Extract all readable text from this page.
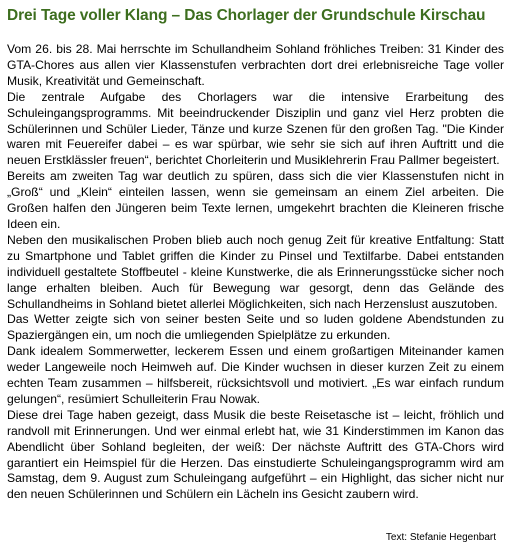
Drei Tage voller Klang – Das Chorlager der Grundschule Kirschau

Vom 26. bis 28. Mai herrschte im Schullandheim Sohland fröhliches Treiben: 31 Kinder des GTA-Chores aus allen vier Klassenstufen verbrachten dort drei erlebnisreiche Tage voller Musik, Kreativität und Gemeinschaft.

Die zentrale Aufgabe des Chorlagers war die intensive Erarbeitung des Schuleingangsprogramms. Mit beeindruckender Disziplin und ganz viel Herz probten die Schülerinnen und Schüler Lieder, Tänze und kurze Szenen für den großen Tag. "Die Kinder waren mit Feuereifer dabei – es war spürbar, wie sehr sie sich auf ihren Auftritt und die neuen Erstklässler freuen“, berichtet Chorleiterin und Musiklehrerin Frau Pallmer begeistert.

Bereits am zweiten Tag war deutlich zu spüren, dass sich die vier Klassenstufen nicht in „Groß“ und „Klein“ einteilen lassen, wenn sie gemeinsam an einem Ziel arbeiten. Die Großen halfen den Jüngeren beim Texte lernen, umgekehrt brachten die Kleineren frische Ideen ein.

Neben den musikalischen Proben blieb auch noch genug Zeit für kreative Entfaltung: Statt zu Smartphone und Tablet griffen die Kinder zu Pinsel und Textilfarbe. Dabei entstanden individuell gestaltete Stoffbeutel - kleine Kunstwerke, die als Erinnerungsstücke sicher noch lange erhalten bleiben. Auch für Bewegung war gesorgt, denn das Gelände des Schullandheims in Sohland bietet allerlei Möglichkeiten, sich nach Herzenslust auszutoben.

Das Wetter zeigte sich von seiner besten Seite und so luden goldene Abendstunden zu Spaziergängen ein, um noch die umliegenden Spielplätze zu erkunden.

Dank idealem Sommerwetter, leckerem Essen und einem großartigen Miteinander kamen weder Langeweile noch Heimweh auf. Die Kinder wuchsen in dieser kurzen Zeit zu einem echten Team zusammen – hilfsbereit, rücksichtsvoll und motiviert. „Es war einfach rundum gelungen“, resümiert Schulleiterin Frau Nowak.

Diese drei Tage haben gezeigt, dass Musik die beste Reisetasche ist – leicht, fröhlich und randvoll mit Erinnerungen. Und wer einmal erlebt hat, wie 31 Kinderstimmen im Kanon das Abendlicht über Sohland begleiten, der weiß: Der nächste Auftritt des GTA-Chors wird garantiert ein Heimspiel für die Herzen. Das einstudierte Schuleingangsprogramm wird am Samstag, dem 9. August zum Schuleingang aufgeführt – ein Highlight, das sicher nicht nur den neuen Schülerinnen und Schülern ein Lächeln ins Gesicht zaubern wird.

Text: Stefanie Hegenbart
